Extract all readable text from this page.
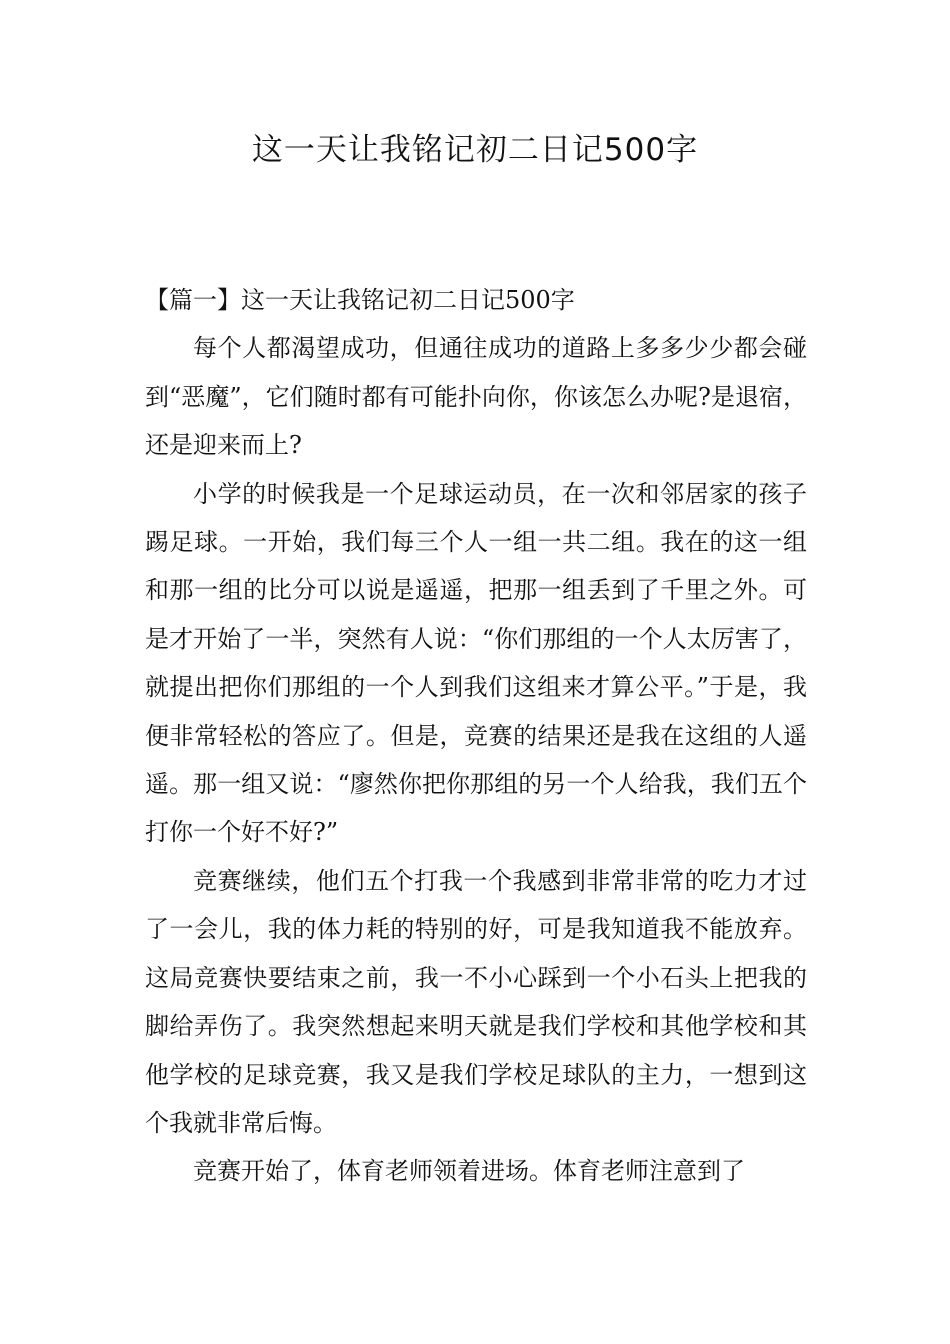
这一天让我铭记初二日记500字

【篇一】这一天让我铭记初二日记500字

每个人都渴望成功，但通往成功的道路上多多少少都会碰到“恶魔”，它们随时都有可能扑向你，你该怎么办呢?是退宿，还是迎来而上?

小学的时候我是一个足球运动员，在一次和邻居家的孩子踢足球。一开始，我们每三个人一组一共二组。我在的这一组和那一组的比分可以说是遥遥，把那一组丢到了千里之外。可是才开始了一半，突然有人说：“你们那组的一个人太厉害了，就提出把你们那组的一个人到我们这组来才算公平。”于是，我便非常轻松的答应了。但是，竞赛的结果还是我在这组的人遥遥。那一组又说：“廖然你把你那组的另一个人给我，我们五个打你一个好不好?”

竞赛继续，他们五个打我一个我感到非常非常的吃力才过了一会儿，我的体力耗的特别的好，可是我知道我不能放弃。这局竞赛快要结束之前，我一不小心踩到一个小石头上把我的脚给弄伤了。我突然想起来明天就是我们学校和其他学校和其他学校的足球竞赛，我又是我们学校足球队的主力，一想到这个我就非常后悔。

竞赛开始了，体育老师领着进场。体育老师注意到了
